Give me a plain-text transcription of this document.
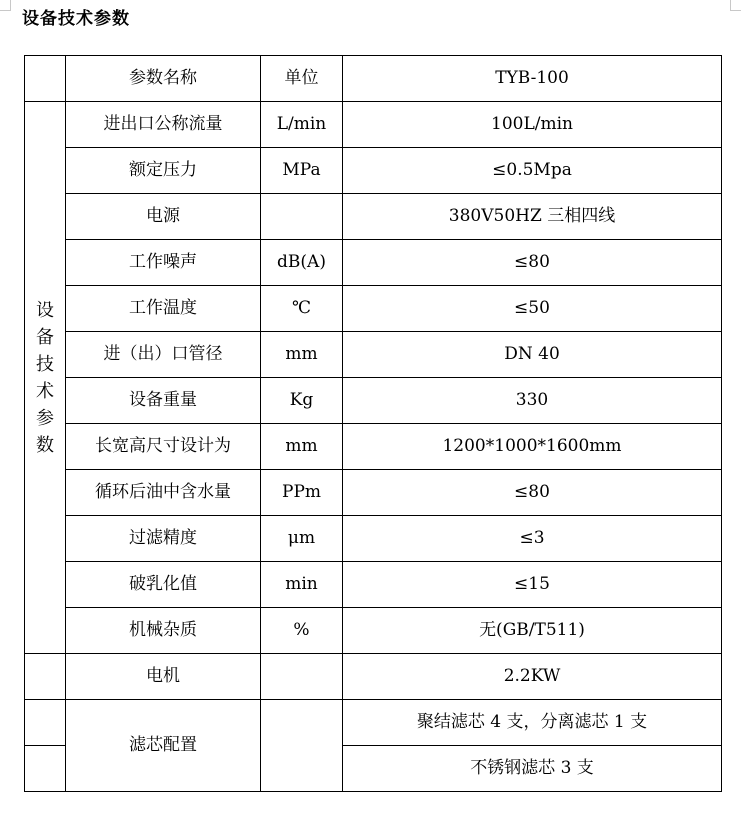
设备技术参数
	参数名称	单位	TYB-100
设备技术参数	进出口公称流量	L/min	100L/min
	额定压力	MPa	≤0.5Mpa
	电源		380V50HZ 三相四线
	工作噪声	dB(A)	≤80
	工作温度	℃	≤50
	进（出）口管径	mm	DN 40
	设备重量	Kg	330
	长宽高尺寸设计为	mm	1200*1000*1600mm
	循环后油中含水量	PPm	≤80
	过滤精度	μm	≤3
	破乳化值	min	≤15
	机械杂质	%	无(GB/T511)
	电机		2.2KW
	滤芯配置		聚结滤芯 4 支，分离滤芯 1 支
			不锈钢滤芯 3 支
